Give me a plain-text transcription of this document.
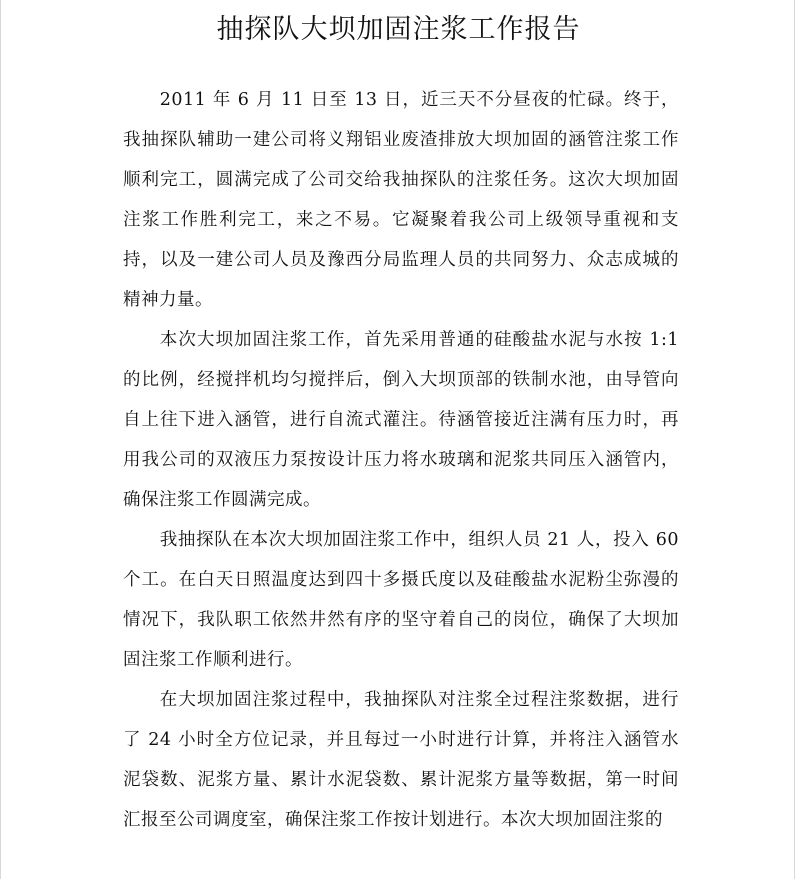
抽探队大坝加固注浆工作报告

2011 年 6 月 11 日至 13 日，近三天不分昼夜的忙碌。终于，我抽探队辅助一建公司将义翔铝业废渣排放大坝加固的涵管注浆工作顺利完工，圆满完成了公司交给我抽探队的注浆任务。这次大坝加固注浆工作胜利完工，来之不易。它凝聚着我公司上级领导重视和支持，以及一建公司人员及豫西分局监理人员的共同努力、众志成城的精神力量。

本次大坝加固注浆工作，首先采用普通的硅酸盐水泥与水按 1:1 的比例，经搅拌机均匀搅拌后，倒入大坝顶部的铁制水池，由导管向自上往下进入涵管，进行自流式灌注。待涵管接近注满有压力时，再用我公司的双液压力泵按设计压力将水玻璃和泥浆共同压入涵管内，确保注浆工作圆满完成。

我抽探队在本次大坝加固注浆工作中，组织人员 21 人，投入 60 个工。在白天日照温度达到四十多摄氏度以及硅酸盐水泥粉尘弥漫的情况下，我队职工依然井然有序的坚守着自己的岗位，确保了大坝加固注浆工作顺利进行。

在大坝加固注浆过程中，我抽探队对注浆全过程注浆数据，进行了 24 小时全方位记录，并且每过一小时进行计算，并将注入涵管水泥袋数、泥浆方量、累计水泥袋数、累计泥浆方量等数据，第一时间汇报至公司调度室，确保注浆工作按计划进行。本次大坝加固注浆的
